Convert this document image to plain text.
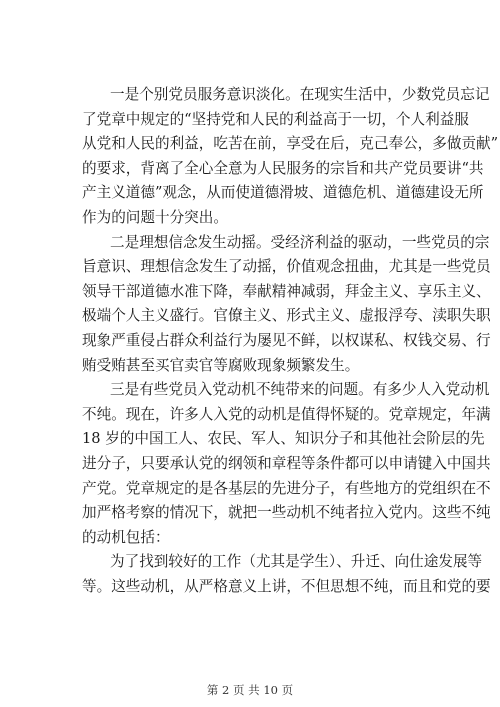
一是个别党员服务意识淡化。在现实生活中，少数党员忘记
了党章中规定的“坚持党和人民的利益高于一切，个人利益服
从党和人民的利益，吃苦在前，享受在后，克己奉公，多做贡献”
的要求，背离了全心全意为人民服务的宗旨和共产党员要讲“共
产主义道德”观念，从而使道德滑坡、道德危机、道德建设无所
作为的问题十分突出。
二是理想信念发生动摇。受经济利益的驱动，一些党员的宗
旨意识、理想信念发生了动摇，价值观念扭曲，尤其是一些党员
领导干部道德水准下降，奉献精神减弱，拜金主义、享乐主义、
极端个人主义盛行。官僚主义、形式主义、虚报浮夸、渎职失职
现象严重侵占群众利益行为屡见不鲜，以权谋私、权钱交易、行
贿受贿甚至买官卖官等腐败现象频繁发生。
三是有些党员入党动机不纯带来的问题。有多少人入党动机
不纯。现在，许多人入党的动机是值得怀疑的。党章规定，年满
18 岁的中国工人、农民、军人、知识分子和其他社会阶层的先
进分子，只要承认党的纲领和章程等条件都可以申请键入中国共
产党。党章规定的是各基层的先进分子，有些地方的党组织在不
加严格考察的情况下，就把一些动机不纯者拉入党内。这些不纯
的动机包括：
为了找到较好的工作（尤其是学生）、升迁、向仕途发展等
等。这些动机，从严格意义上讲，不但思想不纯，而且和党的要
第 2 页 共 10 页
